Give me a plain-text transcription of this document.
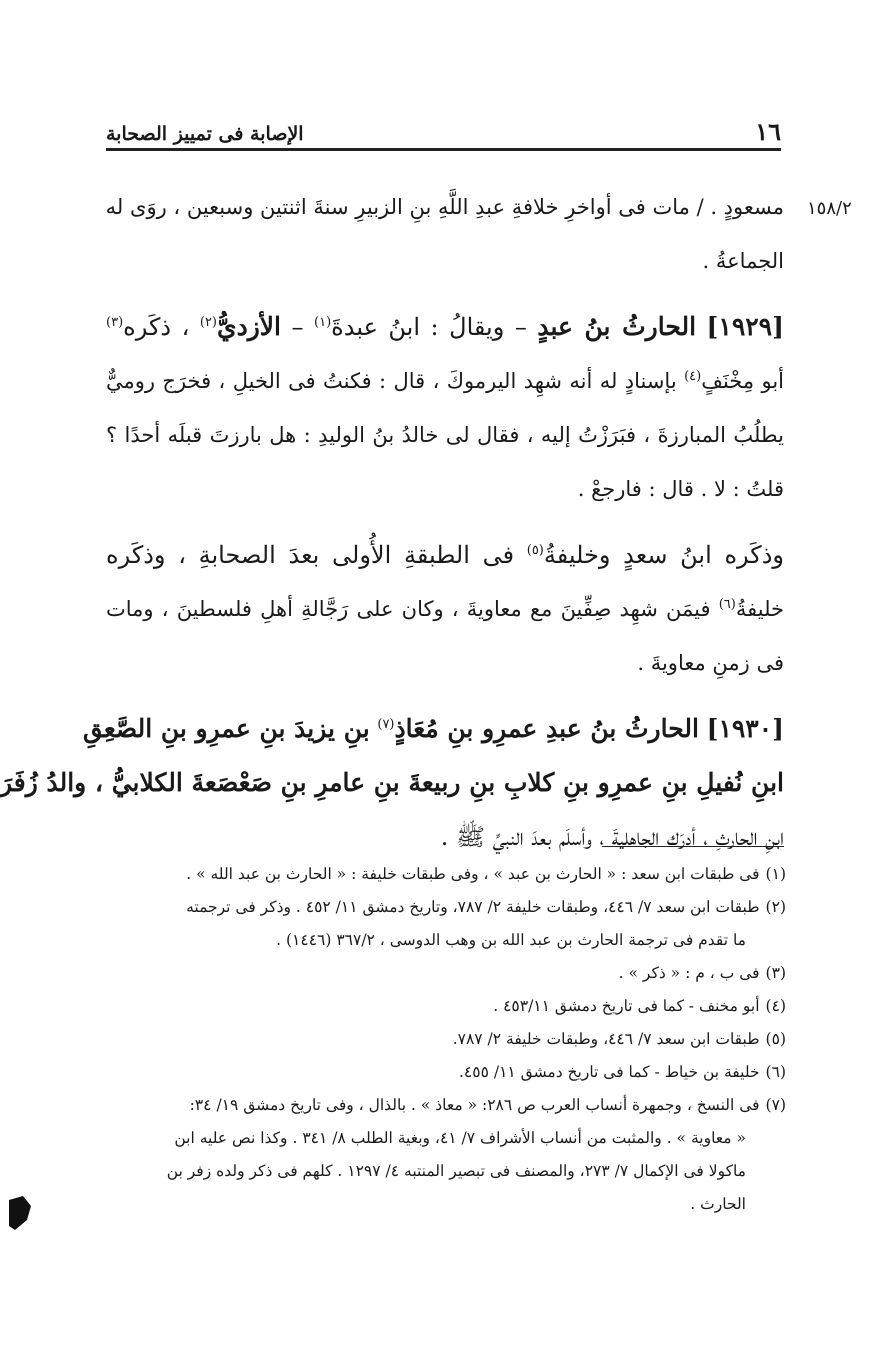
١٦
الإصابة فى تمييز الصحابة
١٥٨/٢
مسعودٍ . / مات فى أواخرِ خلافةِ عبدِ اللَّهِ بنِ الزبيرِ سنةَ اثنتين وسبعين ، روَى له
الجماعةُ .
[١٩٢٩] الحارثُ بنُ عبدٍ – ويقالُ : ابنُ عبدةَ$^{(١)}$ – الأزديُّ$^{(٢)}$ ، ذكَره$^{(٣)}$
أبو مِخْنَفٍ$^{(٤)}$ بإسنادٍ له أنه شهِد اليرموكَ ، قال : فكنتُ فى الخيلِ ، فخرَج روميٌّ
يطلُبُ المبارزةَ ، فبَرَزْتُ إليه ، فقال لى خالدُ بنُ الوليدِ : هل بارزتَ قبلَه أحدًا ؟
قلتُ : لا . قال : فارجعْ .
وذكَره ابنُ سعدٍ وخليفةُ$^{(٥)}$ فى الطبقةِ الأُولى بعدَ الصحابةِ ، وذكَره
خليفةُ$^{(٦)}$ فيمَن شهِد صِفِّينَ مع معاويةَ ، وكان على رَجَّالةِ أهلِ فلسطينَ ، ومات
فى زمنِ معاويةَ .
[١٩٣٠] الحارثُ بنُ عبدِ عمرِو بنِ مُعَاذٍ$^{(٧)}$ بنِ يزيدَ بنِ عمرِو بنِ الصَّعِقِ
ابنِ نُفيلِ بنِ عمرِو بنِ كلابِ بنِ ربيعةَ بنِ عامرِ بنِ صَعْصَعةَ الكلابيُّ ، والدُ زُفَرَ
ابنِ الحارثِ ، أدرَك الجاهليةَ ، وأسلَم بعدَ النبيِّ ﷺ .
(١)فى طبقات ابن سعد : « الحارث بن عبد » ، وفى طبقات خليفة : « الحارث بن عبد الله » .
(٢)طبقات ابن سعد ٧/ ٤٤٦، وطبقات خليفة ٢/ ٧٨٧، وتاريخ دمشق ١١/ ٤٥٢ . وذكر فى ترجمته
ما تقدم فى ترجمة الحارث بن عبد الله بن وهب الدوسى ، ٣٦٧/٢ (١٤٤٦) .
(٣)فى ب ، م : « ذكر » .
(٤)أبو مخنف - كما فى تاريخ دمشق ٤٥٣/١١ .
(٥)طبقات ابن سعد ٧/ ٤٤٦، وطبقات خليفة ٢/ ٧٨٧.
(٦)خليفة بن خياط - كما فى تاريخ دمشق ١١/ ٤٥٥.
(٧)فى النسخ ، وجمهرة أنساب العرب ص ٢٨٦: « معاذ » . بالذال ، وفى تاريخ دمشق ١٩/ ٣٤:
« معاوية » . والمثبت من أنساب الأشراف ٧/ ٤١، وبغية الطلب ٨/ ٣٤١ . وكذا نص عليه ابن
ماكولا فى الإكمال ٧/ ٢٧٣، والمصنف فى تبصير المنتبه ٤/ ١٢٩٧ . كلهم فى ذكر ولده زفر بن
الحارث .
